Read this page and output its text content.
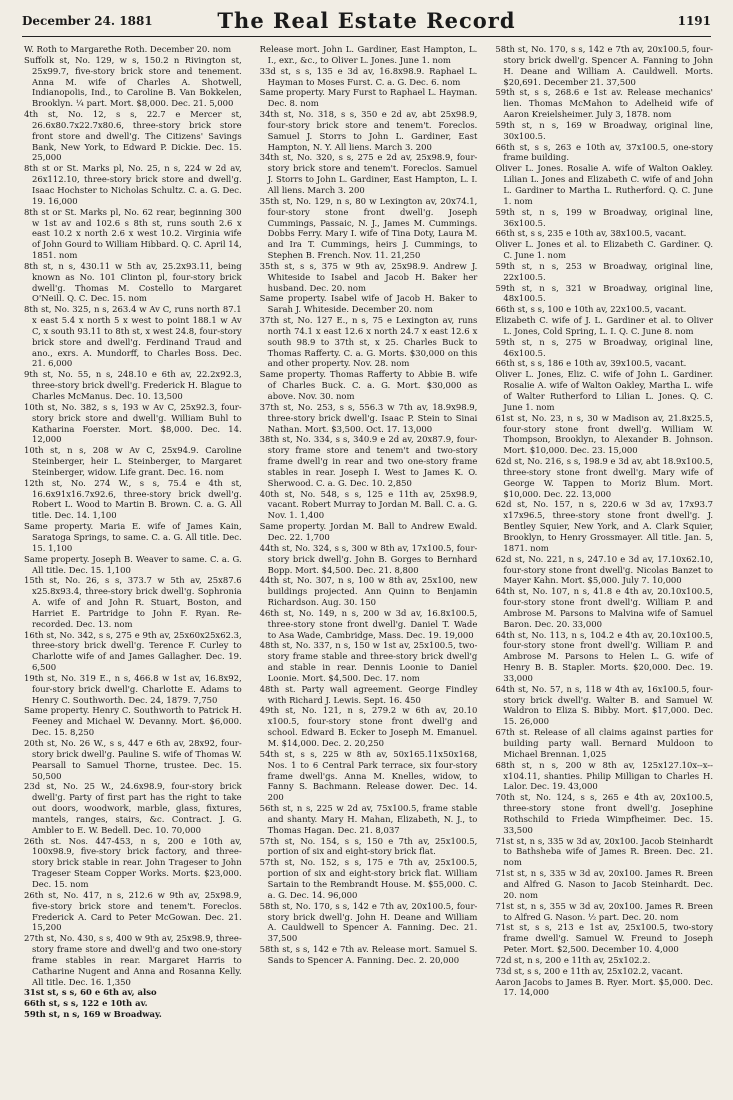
December 24. 1881	The Real Estate Record	1191

W. Roth to Margarethe Roth. December 20. nom

Suffolk st, No. 129, w s, 150.2 n Rivington st, 25x99.7, five-story brick store and tenement. Anna M. wife of Charles A. Shotwell, Indianopolis, Ind., to Caroline B. Van Bokkelen, Brooklyn. ¼ part. Mort. $8,000. Dec. 21. 5,000

4th st, No. 12, s s, 22.7 e Mercer st, 26.6x80.7x22.7x80.6, three-story brick store front store and dwell'g. The Citizens' Savings Bank, New York, to Edward P. Dickie. Dec. 15. 25,000

8th st or St. Marks pl, No. 25, n s, 224 w 2d av, 26x112.10, three-story brick store and dwell'g. Isaac Hochster to Nicholas Schultz. C. a. G. Dec. 19. 16,000

8th st or St. Marks pl, No. 62 rear, beginning 300 w 1st av and 102.6 s 8th st, runs south 2.6 x east 10.2 x north 2.6 x west 10.2. Virginia wife of John Gourd to William Hibbard. Q. C. April 14, 1851. nom

8th st, n s, 430.11 w 5th av, 25.2x93.11, being known as No. 101 Clinton pl, four-story brick dwell'g. Thomas M. Costello to Margaret O'Neill. Q. C. Dec. 15. nom

8th st, No. 325, n s, 263.4 w Av C, runs north 87.1 x east 5.4 x north 5 x west to point 188.1 w Av C, x south 93.11 to 8th st, x west 24.8, four-story brick store and dwell'g. Ferdinand Traud and ano., exrs. A. Mundorff, to Charles Boss. Dec. 21. 6,000

9th st, No. 55, n s, 248.10 e 6th av, 22.2x92.3, three-story brick dwell'g. Frederick H. Blague to Charles McManus. Dec. 10. 13,500

10th st, No. 382, s s, 193 w Av C, 25x92.3, four-story brick store and dwell'g. William Buhl to Katharina Foerster. Mort. $8,000. Dec. 14. 12,000

10th st, n s, 208 w Av C, 25x94.9. Caroline Steinberger, heir L. Steinberger, to Margaret Steinberger, widow. Life grant. Dec. 16. nom

12th st, No. 274 W., s s, 75.4 e 4th st, 16.6x91x16.7x92.6, three-story brick dwell'g. Robert L. Wood to Martin B. Brown. C. a. G. All title. Dec. 14. 1,100

Same property. Maria E. wife of James Kain, Saratoga Springs, to same. C. a. G. All title. Dec. 15. 1,100

Same property. Joseph B. Weaver to same. C. a. G. All title. Dec. 15. 1,100

15th st, No. 26, s s, 373.7 w 5th av, 25x87.6 x25.8x93.4, three-story brick dwell'g. Sophronia A. wife of and John R. Stuart, Boston, and Harriet E. Partridge to John F. Ryan. Re-recorded. Dec. 13. nom

16th st, No. 342, s s, 275 e 9th av, 25x60x25x62.3, three-story brick dwell'g. Terence F. Curley to Charlotte wife of and James Gallagher. Dec. 19. 6,500

19th st, No. 319 E., n s, 466.8 w 1st av, 16.8x92, four-story brick dwell'g. Charlotte E. Adams to Henry C. Southworth. Dec. 24, 1879. 7,750

Same property. Henry C. Southworth to Patrick H. Feeney and Michael W. Devanny. Mort. $6,000. Dec. 15. 8,250

20th st, No. 26 W., s s, 447 e 6th av, 28x92, four-story brick dwell'g. Pauline S. wife of Thomas W. Pearsall to Samuel Thorne, trustee. Dec. 15. 50,500

23d st, No. 25 W., 24.6x98.9, four-story brick dwell'g. Party of first part has the right to take out doors, woodwork, marble, glass, fixtures, mantels, ranges, stairs, &c. Contract. J. G. Ambler to E. W. Bedell. Dec. 10. 70,000

26th st. Nos. 447-453, n s, 200 e 10th av, 100x98.9, five-story brick factory, and three-story brick stable in rear. John Trageser to John Trageser Steam Copper Works. Morts. $23,000. Dec. 15. nom

26th st, No. 417, n s, 212.6 w 9th av, 25x98.9, five-story brick store and tenem't. Foreclos. Frederick A. Card to Peter McGowan. Dec. 21. 15,200

27th st, No. 430, s s, 400 w 9th av, 25x98.9, three-story frame store and dwell'g and two one-story frame stables in rear. Margaret Harris to Catharine Nugent and Anna and Rosanna Kelly. All title. Dec. 16. 1,350

31st st, s s, 60 e 6th av, also

66th st, s s, 122 e 10th av.

59th st, n s, 169 w Broadway.

Release mort. John L. Gardiner, East Hampton, L. I., exr., &c., to Oliver L. Jones. June 1. nom

33d st, s s, 135 e 3d av, 16.8x98.9. Raphael L. Hayman to Moses Furst. C. a. G. Dec. 6. nom

Same property. Mary Furst to Raphael L. Hayman. Dec. 8. nom

34th st, No. 318, s s, 350 e 2d av, abt 25x98.9, four-story brick store and tenem't. Foreclos. Samuel J. Storrs to John L. Gardiner, East Hampton, N. Y. All liens. March 3. 200

34th st, No. 320, s s, 275 e 2d av, 25x98.9, four-story brick store and tenem't. Foreclos. Samuel J. Storrs to John L. Gardiner, East Hampton, L. I. All liens. March 3. 200

35th st, No. 129, n s, 80 w Lexington av, 20x74.1, four-story stone front dwell'g. Joseph Cummings, Passaic, N. J., James M. Cummings. Dobbs Ferry. Mary I. wife of Tina Doty, Laura M. and Ira T. Cummings, heirs J. Cummings, to Stephen B. French. Nov. 11. 21,250

35th st, s s, 375 w 9th av, 25x98.9. Andrew J. Whiteside to Isabel and Jacob H. Baker her husband. Dec. 20. nom

Same property. Isabel wife of Jacob H. Baker to Sarah J. Whiteside. December 20. nom

37th st, No. 127 E., n s, 75 e Lexington av, runs north 74.1 x east 12.6 x north 24.7 x east 12.6 x south 98.9 to 37th st, x 25. Charles Buck to Thomas Rafferty. C. a. G. Morts. $30,000 on this and other property. Nov. 28. nom

Same property. Thomas Rafferty to Abbie B. wife of Charles Buck. C. a. G. Mort. $30,000 as above. Nov. 30. nom

37th st, No. 253, s s, 556.3 w 7th av, 18.9x98.9, three-story brick dwell'g. Isaac P. Stein to Sinai Nathan. Mort. $3,500. Oct. 17. 13,000

38th st, No. 334, s s, 340.9 e 2d av, 20x87.9, four-story frame store and tenem't and two-story frame dwell'g in rear and two one-story frame stables in rear. Joseph I. West to James K. O. Sherwood. C. a. G. Dec. 10. 2,850

40th st, No. 548, s s, 125 e 11th av, 25x98.9, vacant. Robert Murray to Jordan M. Ball. C. a. G. Nov. 1. 1,400

Same property. Jordan M. Ball to Andrew Ewald. Dec. 22. 1,700

44th st, No. 324, s s, 300 w 8th av, 17x100.5, four-story brick dwell'g. John B. Gorges to Bernhard Bopp. Mort. $4,500. Dec. 21. 8,800

44th st, No. 307, n s, 100 w 8th av, 25x100, new buildings projected. Ann Quinn to Benjamin Richardson. Aug. 30. 150

46th st, No. 149, n s, 200 w 3d av, 16.8x100.5, three-story stone front dwell'g. Daniel T. Wade to Asa Wade, Cambridge, Mass. Dec. 19. 19,000

48th st, No. 337, n s, 150 w 1st av, 25x100.5, two-story frame stable and three-story brick dwell'g and stable in rear. Dennis Loonie to Daniel Loonie. Mort. $4,500. Dec. 17. nom

48th st. Party wall agreement. George Findley with Richard J. Lewis. Sept. 16. 450

49th st, No. 121, n s, 279.2 w 6th av, 20.10 x100.5, four-story stone front dwell'g and school. Edward B. Ecker to Joseph M. Emanuel. M. $14,000. Dec. 2. 20,250

54th st, s s, 225 w 8th av, 50x165.11x50x168, Nos. 1 to 6 Central Park terrace, six four-story frame dwell'gs. Anna M. Knelles, widow, to Fanny S. Bachmann. Release dower. Dec. 14. 200

56th st, n s, 225 w 2d av, 75x100.5, frame stable and shanty. Mary H. Mahan, Elizabeth, N. J., to Thomas Hagan. Dec. 21. 8,037

57th st, No. 154, s s, 150 e 7th av, 25x100.5, portion of six and eight-story brick flat.

57th st, No. 152, s s, 175 e 7th av, 25x100.5, portion of six and eight-story brick flat. William Sartain to the Rembrandt House. M. $55,000. C. a. G. Dec. 14. 96,000

58th st, No. 170, s s, 142 e 7th av, 20x100.5, four-story brick dwell'g. John H. Deane and William A. Cauldwell to Spencer A. Fanning. Dec. 21. 37,500

58th st, s s, 142 e 7th av. Release mort. Samuel S. Sands to Spencer A. Fanning. Dec. 2. 20,000

58th st, No. 170, s s, 142 e 7th av, 20x100.5, four-story brick dwell'g. Spencer A. Fanning to John H. Deane and William A. Cauldwell. Morts. $20,691. December 21. 37,500

59th st, s s, 268.6 e 1st av. Release mechanics' lien. Thomas McMahon to Adelheid wife of Aaron Kreielsheimer. July 3, 1878. nom

59th st, n s, 169 w Broadway, original line, 30x100.5.

66th st, s s, 263 e 10th av, 37x100.5, one-story frame building.

Oliver L. Jones. Rosalie A. wife of Walton Oakley. Lilian L. Jones and Elizabeth C. wife of and John L. Gardiner to Martha L. Rutherford. Q. C. June 1. nom

59th st, n s, 199 w Broadway, original line, 36x100.5.

66th st, s s, 235 e 10th av, 38x100.5, vacant.

Oliver L. Jones et al. to Elizabeth C. Gardiner. Q. C. June 1. nom

59th st, n s, 253 w Broadway, original line, 22x100.5.

59th st, n s, 321 w Broadway, original line, 48x100.5.

66th st, s s, 100 e 10th av, 22x100.5, vacant.

Elizabeth C. wife of J. L. Gardiner et al. to Oliver L. Jones, Cold Spring, L. I. Q. C. June 8. nom

59th st, n s, 275 w Broadway, original line, 46x100.5.

66th st, s s, 186 e 10th av, 39x100.5, vacant.

Oliver L. Jones, Eliz. C. wife of John L. Gardiner. Rosalie A. wife of Walton Oakley, Martha L. wife of Walter Rutherford to Lilian L. Jones. Q. C. June 1. nom

61st st, No. 23, n s, 30 w Madison av, 21.8x25.5, four-story stone front dwell'g. William W. Thompson, Brooklyn, to Alexander B. Johnson. Mort. $10,000. Dec. 23. 15,000

62d st, No. 216, s s, 198.9 e 3d av, abt 18.9x100.5, three-story stone front dwell'g. Mary wife of George W. Tappen to Moriz Blum. Mort. $10,000. Dec. 22. 13,000

62d st, No. 157, n s, 220.6 w 3d av, 17x93.7 x17x96.5, three-story stone front dwell'g. J. Bentley Squier, New York, and A. Clark Squier, Brooklyn, to Henry Grossmayer. All title. Jan. 5, 1871. nom

62d st, No. 221, n s, 247.10 e 3d av, 17.10x62.10, four-story stone front dwell'g. Nicolas Banzet to Mayer Kahn. Mort. $5,000. July 7. 10,000

64th st, No. 107, n s, 41.8 e 4th av, 20.10x100.5, four-story stone front dwell'g. William P. and Ambrose M. Parsons to Malvina wife of Samuel Baron. Dec. 20. 33,000

64th st, No. 113, n s, 104.2 e 4th av, 20.10x100.5, four-story stone front dwell'g. William P. and Ambrose M. Parsons to Helen L. G. wife of Henry B. B. Stapler. Morts. $20,000. Dec. 19. 33,000

64th st, No. 57, n s, 118 w 4th av, 16x100.5, four-story brick dwell'g. Walter B. and Samuel W. Waldron to Eliza S. Bibby. Mort. $17,000. Dec. 15. 26,000

67th st. Release of all claims against parties for building party wall. Bernard Muldoon to Michael Brennan. 1,025

68th st, n s, 200 w 8th av, 125x127.10x--x--x104.11, shanties. Philip Milligan to Charles H. Lalor. Dec. 19. 43,000

70th st, No. 124, s s, 265 e 4th av, 20x100.5, three-story stone front dwell'g. Josephine Rothschild to Frieda Wimpfheimer. Dec. 15. 33,500

71st st, n s, 335 w 3d av, 20x100. Jacob Steinhardt to Bathsheba wife of James R. Breen. Dec. 21. nom

71st st, n s, 335 w 3d av, 20x100. James R. Breen and Alfred G. Nason to Jacob Steinhardt. Dec. 20. nom

71st st, n s, 355 w 3d av, 20x100. James R. Breen to Alfred G. Nason. ½ part. Dec. 20. nom

71st st, s s, 213 e 1st av, 25x100.5, two-story frame dwell'g. Samuel W. Freund to Joseph Peter. Mort. $2,500. December 10. 4,000

72d st, n s, 200 e 11th av, 25x102.2.

73d st, s s, 200 e 11th av, 25x102.2, vacant.

Aaron Jacobs to James B. Ryer. Mort. $5,000. Dec. 17. 14,000
